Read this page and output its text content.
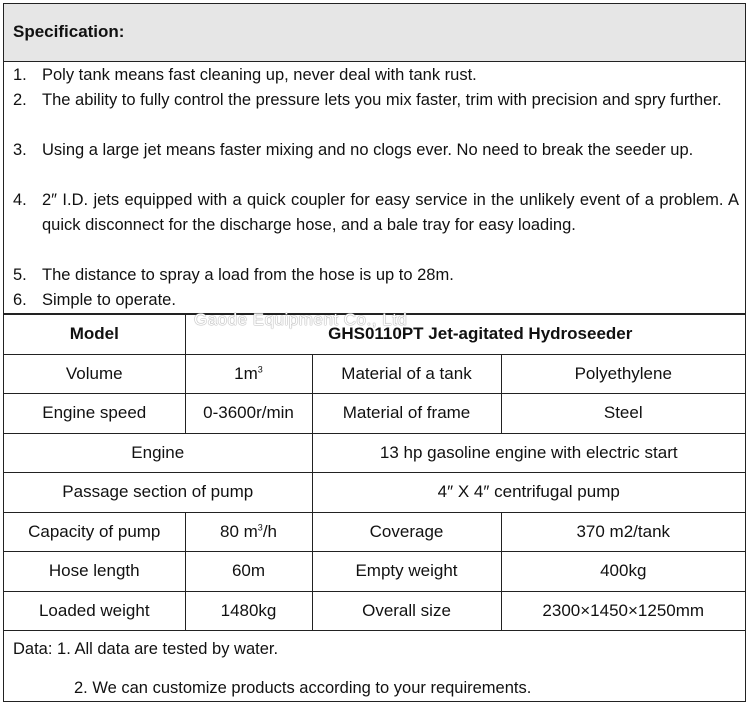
Specification:
1. Poly tank means fast cleaning up, never deal with tank rust.
2. The ability to fully control the pressure lets you mix faster, trim with precision and spry further.
3. Using a large jet means faster mixing and no clogs ever. No need to break the seeder up.
4. 2″ I.D. jets equipped with a quick coupler for easy service in the unlikely event of a problem. A quick disconnect for the discharge hose, and a bale tray for easy loading.
5. The distance to spray a load from the hose is up to 28m.
6. Simple to operate.
Model	GHS0110PT Jet-agitated Hydroseeder		
Volume	$1m^3$	Material of a tank	Polyethylene
Engine speed	0-3600r/min	Material of frame	Steel
Engine		13 hp gasoline engine with electric start	
Passage section of pump		4″ X 4″ centrifugal pump	
Capacity of pump	80 $m^3/h$	Coverage	370 m2/tank
Hose length	60m	Empty weight	400kg
Loaded weight	1480kg	Overall size	2300×1450×1250mm
Data: 1. All data are tested by water.
2. We can customize products according to your requirements.
Gaode Equipment Co., Ltd
